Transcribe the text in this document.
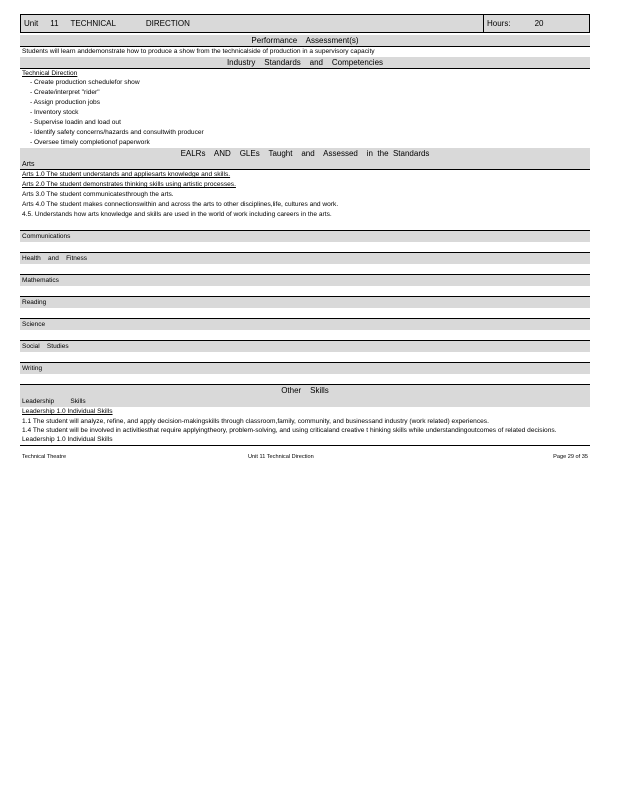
Unit 11 TECHNICAL	DIRECTION	Hours:	20
Performance    Assessment(s)
Students will learn anddemonstrate how to produce a show from the technicalside of production in a supervisory capacity
Industry    Standards    and    Competencies
Technical Direction
- Create production schedulefor show
- Create/interpret "rider"
- Assign production jobs
- Inventory stock
- Supervise loadin and load out
- Identify safety concerns/hazards and consultwith producer
- Oversee timely completionof paperwork
EALRs    AND    GLEs    Taught    and    Assessed    in  the  Standards
Arts
Arts 1.0 The student understands and appliesarts knowledge and skills.
Arts 2.0 The student demonstrates thinking skills using artistic processes.
Arts 3.0 The student communicatesthrough the arts.
Arts 4.0 The student makes connectionswithin and across the arts to other disciplines,life, cultures and work.
4.5. Understands how arts knowledge and skills are used in the world of work including careers in the arts.
Communications
Health    and    Fitness
Mathematics
Reading
Science
Social    Studies
Writing
Other    Skills
Leadership         Skills
Leadership 1.0 Individual Skills
1.1 The student will analyze, refine, and apply decision-makingskills through classroom,family, community, and businessand industry (work related) experiences.
1.4 The student will be involved in activitiesthat require applyingtheory, problem-solving, and using criticaland creative t hinking skills while understandingoutcomes of related decisions.
Leadership 1.0 Individual Skills
Technical Theatre	Unit 11 Technical Direction	Page 29 of 35
